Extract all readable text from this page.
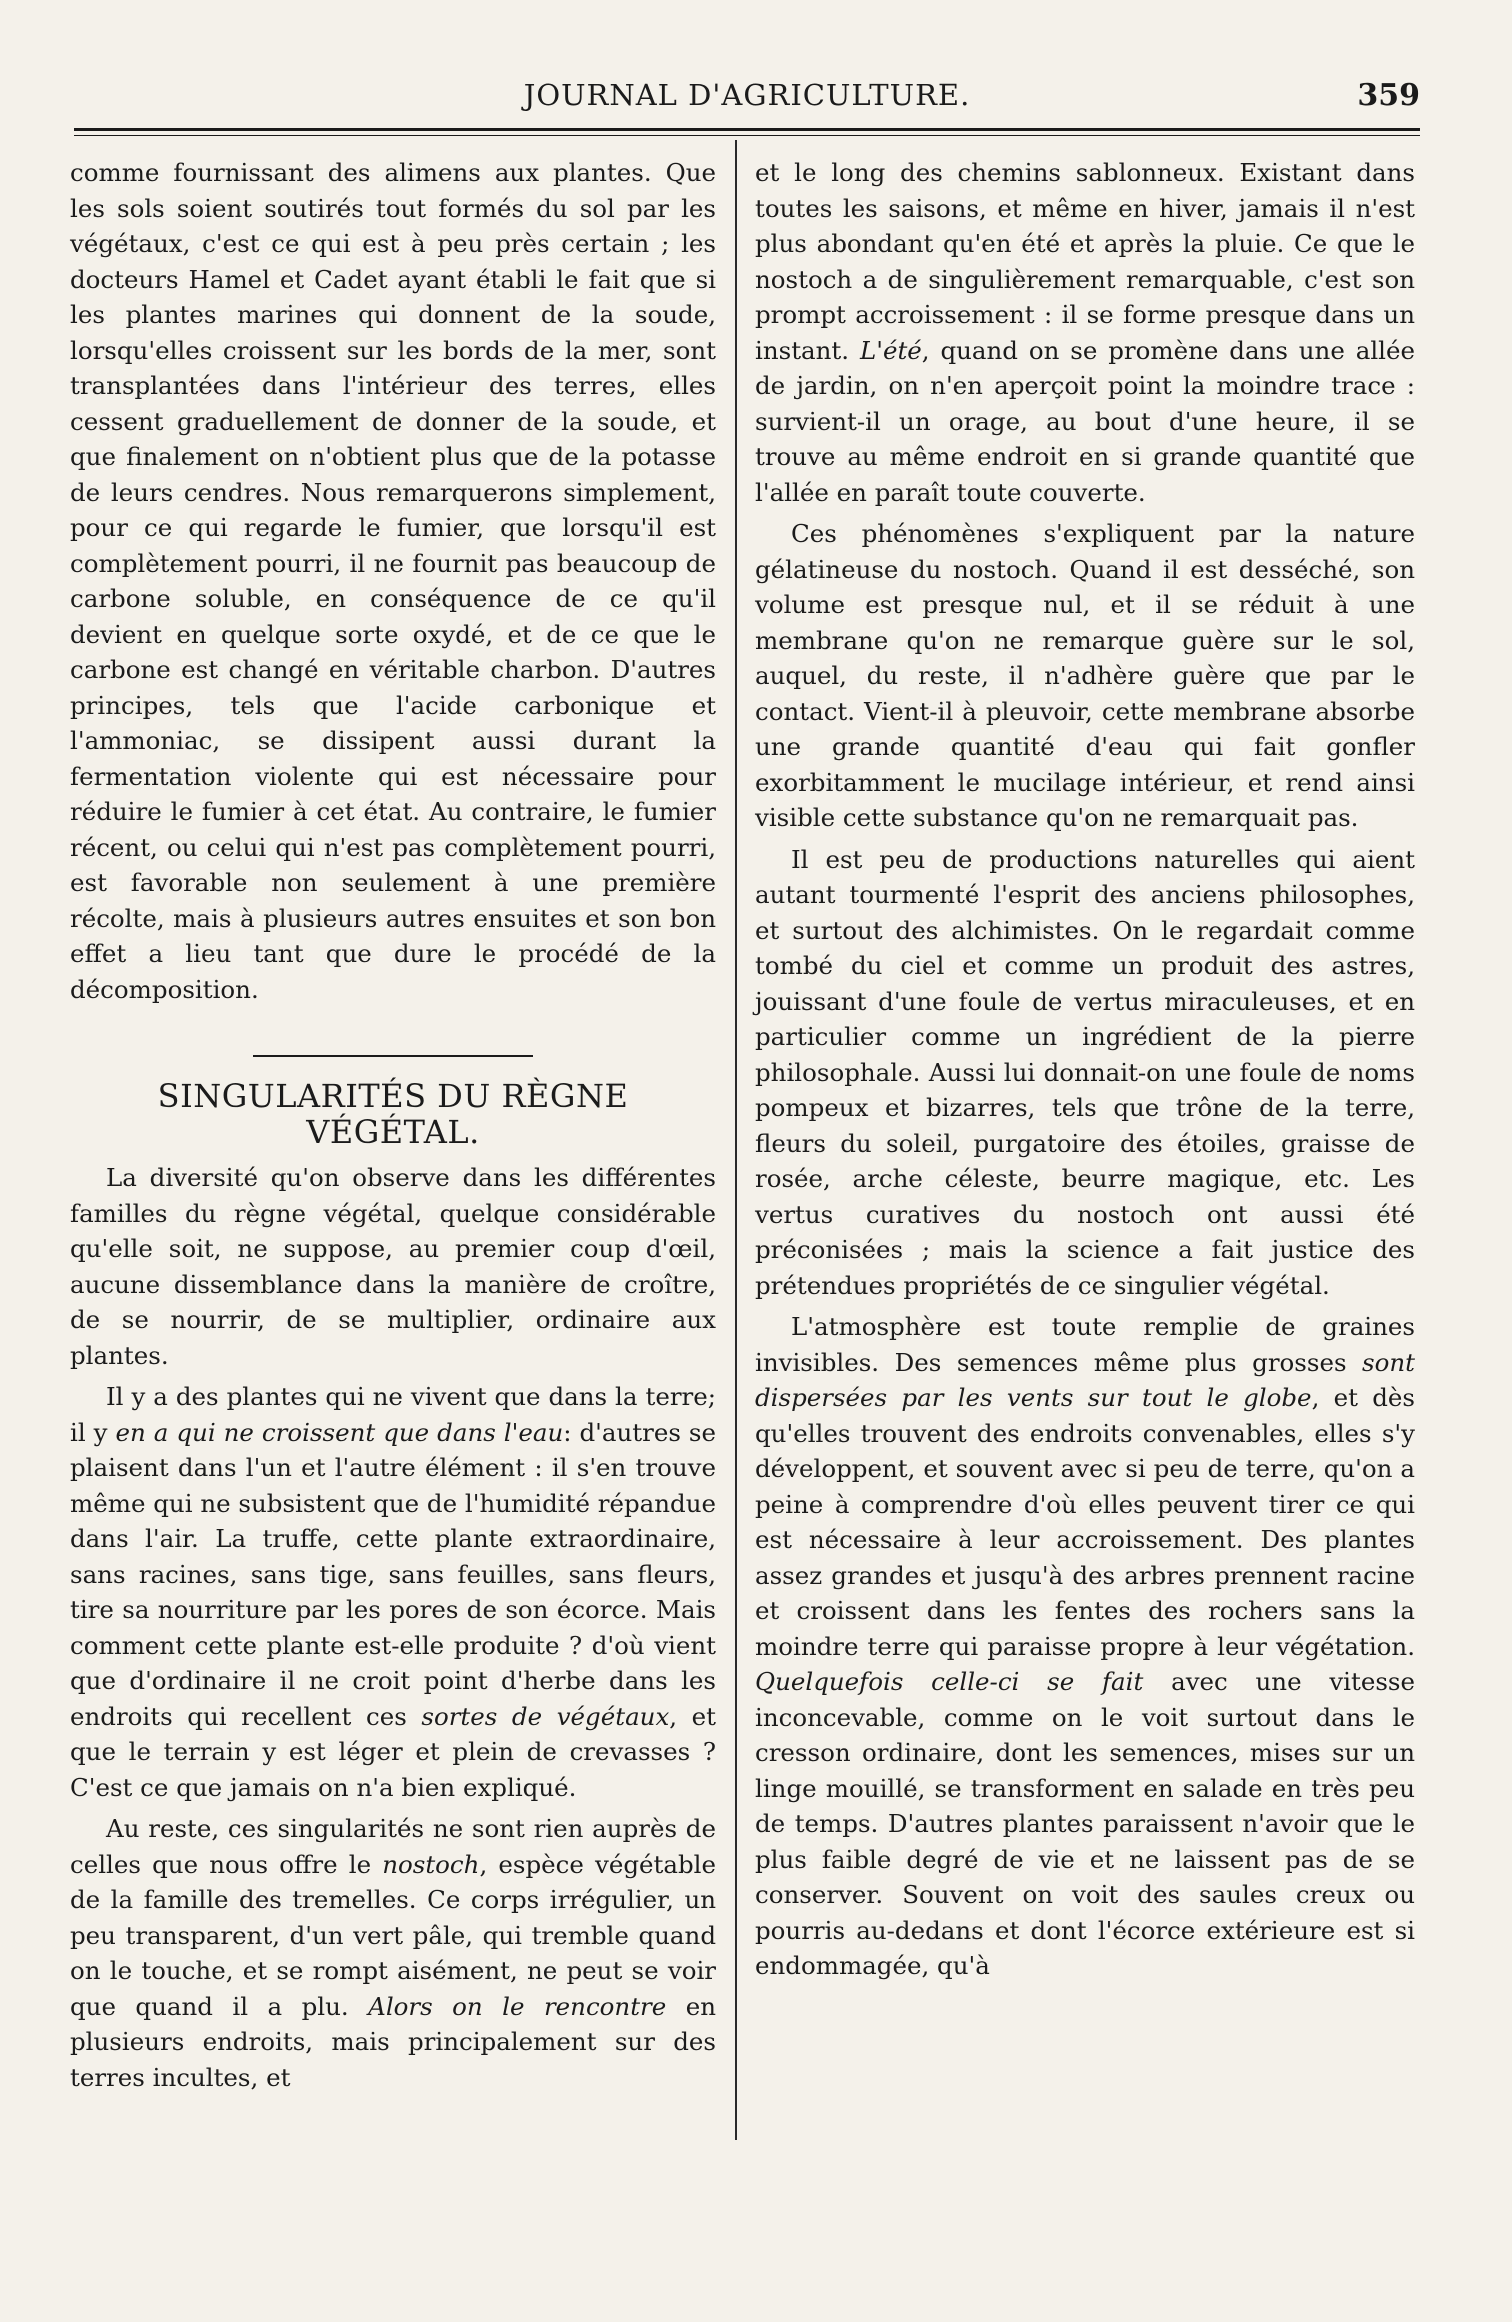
JOURNAL D'AGRICULTURE.	359

comme fournissant des alimens aux plantes. Que les sols soient soutirés tout formés du sol par les végétaux, c'est ce qui est à peu près certain ; les docteurs Hamel et Cadet ayant établi le fait que si les plantes marines qui donnent de la soude, lorsqu'elles croissent sur les bords de la mer, sont transplantées dans l'intérieur des terres, elles cessent graduellement de donner de la soude, et que finalement on n'obtient plus que de la potasse de leurs cendres. Nous remarquerons simplement, pour ce qui regarde le fumier, que lorsqu'il est complètement pourri, il ne fournit pas beaucoup de carbone soluble, en conséquence de ce qu'il devient en quelque sorte oxydé, et de ce que le carbone est changé en véritable charbon. D'autres principes, tels que l'acide carbonique et l'ammoniac, se dissipent aussi durant la fermentation violente qui est nécessaire pour réduire le fumier à cet état. Au contraire, le fumier récent, ou celui qui n'est pas complètement pourri, est favorable non seulement à une première récolte, mais à plusieurs autres ensuites et son bon effet a lieu tant que dure le procédé de la décomposition.

SINGULARITÉS DU RÈGNE VÉGÉTAL.

La diversité qu'on observe dans les différentes familles du règne végétal, quelque considérable qu'elle soit, ne suppose, au premier coup d'œil, aucune dissemblance dans la manière de croître, de se nourrir, de se multiplier, ordinaire aux plantes.

Il y a des plantes qui ne vivent que dans la terre; il y en a qui ne croissent que dans l'eau: d'autres se plaisent dans l'un et l'autre élément : il s'en trouve même qui ne subsistent que de l'humidité répandue dans l'air. La truffe, cette plante extraordinaire, sans racines, sans tige, sans feuilles, sans fleurs, tire sa nourriture par les pores de son écorce. Mais comment cette plante est-elle produite ? d'où vient que d'ordinaire il ne croit point d'herbe dans les endroits qui recellent ces sortes de végétaux, et que le terrain y est léger et plein de crevasses ? C'est ce que jamais on n'a bien expliqué.

Au reste, ces singularités ne sont rien auprès de celles que nous offre le nostoch, espèce végétable de la famille des tremelles. Ce corps irrégulier, un peu transparent, d'un vert pâle, qui tremble quand on le touche, et se rompt aisément, ne peut se voir que quand il a plu. Alors on le rencontre en plusieurs endroits, mais principalement sur des terres incultes, et

et le long des chemins sablonneux. Existant dans toutes les saisons, et même en hiver, jamais il n'est plus abondant qu'en été et après la pluie. Ce que le nostoch a de singulièrement remarquable, c'est son prompt accroissement : il se forme presque dans un instant. L'été, quand on se promène dans une allée de jardin, on n'en aperçoit point la moindre trace : survient-il un orage, au bout d'une heure, il se trouve au même endroit en si grande quantité que l'allée en paraît toute couverte.

Ces phénomènes s'expliquent par la nature gélatineuse du nostoch. Quand il est desséché, son volume est presque nul, et il se réduit à une membrane qu'on ne remarque guère sur le sol, auquel, du reste, il n'adhère guère que par le contact. Vient-il à pleuvoir, cette membrane absorbe une grande quantité d'eau qui fait gonfler exorbitamment le mucilage intérieur, et rend ainsi visible cette substance qu'on ne remarquait pas.

Il est peu de productions naturelles qui aient autant tourmenté l'esprit des anciens philosophes, et surtout des alchimistes. On le regardait comme tombé du ciel et comme un produit des astres, jouissant d'une foule de vertus miraculeuses, et en particulier comme un ingrédient de la pierre philosophale. Aussi lui donnait-on une foule de noms pompeux et bizarres, tels que trône de la terre, fleurs du soleil, purgatoire des étoiles, graisse de rosée, arche céleste, beurre magique, etc. Les vertus curatives du nostoch ont aussi été préconisées ; mais la science a fait justice des prétendues propriétés de ce singulier végétal.

L'atmosphère est toute remplie de graines invisibles. Des semences même plus grosses sont dispersées par les vents sur tout le globe, et dès qu'elles trouvent des endroits convenables, elles s'y développent, et souvent avec si peu de terre, qu'on a peine à comprendre d'où elles peuvent tirer ce qui est nécessaire à leur accroissement. Des plantes assez grandes et jusqu'à des arbres prennent racine et croissent dans les fentes des rochers sans la moindre terre qui paraisse propre à leur végétation. Quelquefois celle-ci se fait avec une vitesse inconcevable, comme on le voit surtout dans le cresson ordinaire, dont les semences, mises sur un linge mouillé, se transforment en salade en très peu de temps. D'autres plantes paraissent n'avoir que le plus faible degré de vie et ne laissent pas de se conserver. Souvent on voit des saules creux ou pourris au-dedans et dont l'écorce extérieure est si endommagée, qu'à
